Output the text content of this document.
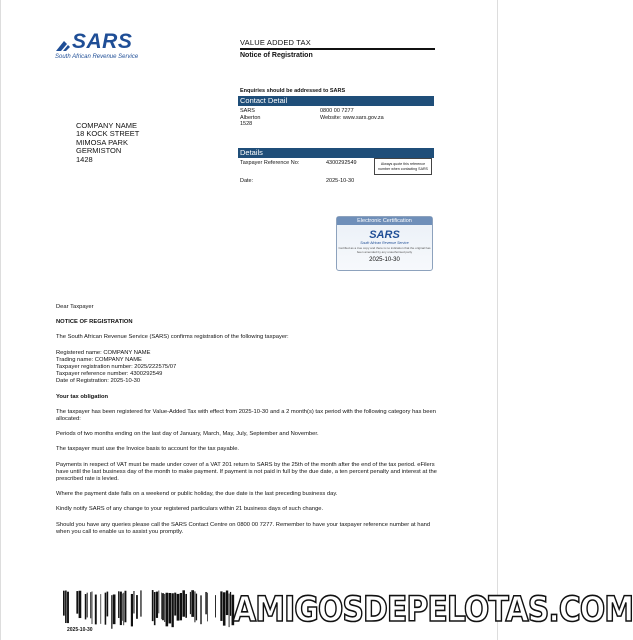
SARS
South African Revenue Service
VALUE ADDED TAX
Notice of Registration
Enquiries should be addressed to SARS
Contact Detail
SARS	0800 00 7277
Alberton	Website: www.sars.gov.za
1528
Details
Taxpayer Reference No:	4300292549	Always quote this reference number when contacting SARS
Date:	2025-10-30
COMPANY NAME
18 KOCK STREET
MIMOSA PARK
GERMISTON
1428
Electronic Certification
SARS
South African Revenue Service
Certified as a true copy and there is no indication that the original has been amended by any unauthorised party
2025-10-30

Dear Taxpayer

NOTICE OF REGISTRATION

The South African Revenue Service (SARS) confirms registration of the following taxpayer:

Registered name: COMPANY NAME
Trading name: COMPANY NAME
Taxpayer registration number: 2025/222575/07
Taxpayer reference number: 4300292549
Date of Registration: 2025-10-30

Your tax obligation

The taxpayer has been registered for Value-Added Tax with effect from 2025-10-30 and a 2 month(s) tax period with the following category has been allocated:

Periods of two months ending on the last day of January, March, May, July, September and November.

The taxpayer must use the Invoice basis to account for the tax payable.

Payments in respect of VAT must be made under cover of a VAT 201 return to SARS by the 25th of the month after the end of the tax period. eFilers have until the last business day of the month to make payment. If payment is not paid in full by the due date, a ten percent penalty and interest at the prescribed rate is levied.

Where the payment date falls on a weekend or public holiday, the due date is the last preceding business day.

Kindly notify SARS of any change to your registered particulars within 21 business days of such change.

Should you have any queries please call the SARS Contact Centre on 0800 00 7277. Remember to have your taxpayer reference number at hand when you call to enable us to assist you promptly.

2025-10-30	AMIGOSDEPELOTAS.COM
